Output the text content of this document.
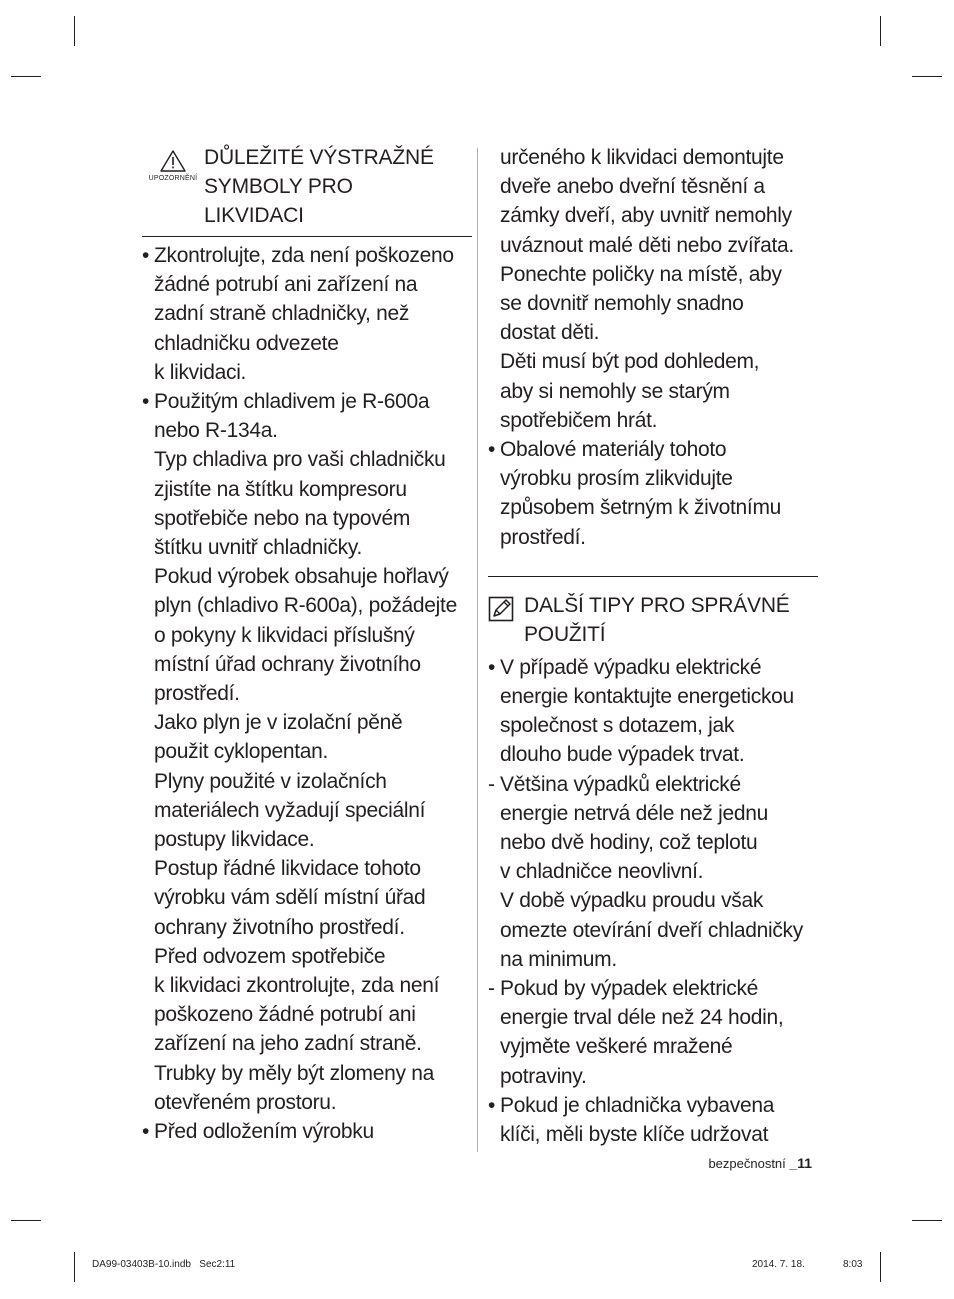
UPOZORNĚNÍ
DŮLEŽITÉ VÝSTRAŽNÉ
SYMBOLY PRO
LIKVIDACI
• Zkontrolujte, zda není poškozeno
žádné potrubí ani zařízení na
zadní straně chladničky, než
chladničku odvezete
k likvidaci.
• Použitým chladivem je R-600a
nebo R-134a.
Typ chladiva pro vaši chladničku
zjistíte na štítku kompresoru
spotřebiče nebo na typovém
štítku uvnitř chladničky.
Pokud výrobek obsahuje hořlavý
plyn (chladivo R-600a), požádejte
o pokyny k likvidaci příslušný
místní úřad ochrany životního
prostředí.
Jako plyn je v izolační pěně
použit cyklopentan.
Plyny použité v izolačních
materiálech vyžadují speciální
postupy likvidace.
Postup řádné likvidace tohoto
výrobku vám sdělí místní úřad
ochrany životního prostředí.
Před odvozem spotřebiče
k likvidaci zkontrolujte, zda není
poškozeno žádné potrubí ani
zařízení na jeho zadní straně.
Trubky by měly být zlomeny na
otevřeném prostoru.
• Před odložením výrobku
určeného k likvidaci demontujte
dveře anebo dveřní těsnění a
zámky dveří, aby uvnitř nemohly
uváznout malé děti nebo zvířata.
Ponechte poličky na místě, aby
se dovnitř nemohly snadno
dostat děti.
Děti musí být pod dohledem,
aby si nemohly se starým
spotřebičem hrát.
• Obalové materiály tohoto
výrobku prosím zlikvidujte
způsobem šetrným k životnímu
prostředí.
DALŠÍ TIPY PRO SPRÁVNÉ
POUŽITÍ
• V případě výpadku elektrické
energie kontaktujte energetickou
společnost s dotazem, jak
dlouho bude výpadek trvat.
- Většina výpadků elektrické
energie netrvá déle než jednu
nebo dvě hodiny, což teplotu
v chladničce neovlivní.
V době výpadku proudu však
omezte otevírání dveří chladničky
na minimum.
- Pokud by výpadek elektrické
energie trval déle než 24 hodin,
vyjměte veškeré mražené
potraviny.
• Pokud je chladnička vybavena
klíči, měli byste klíče udržovat
bezpečnostní _11
DA99-03403B-10.indb   Sec2:11	2014. 7. 18.	8:03
